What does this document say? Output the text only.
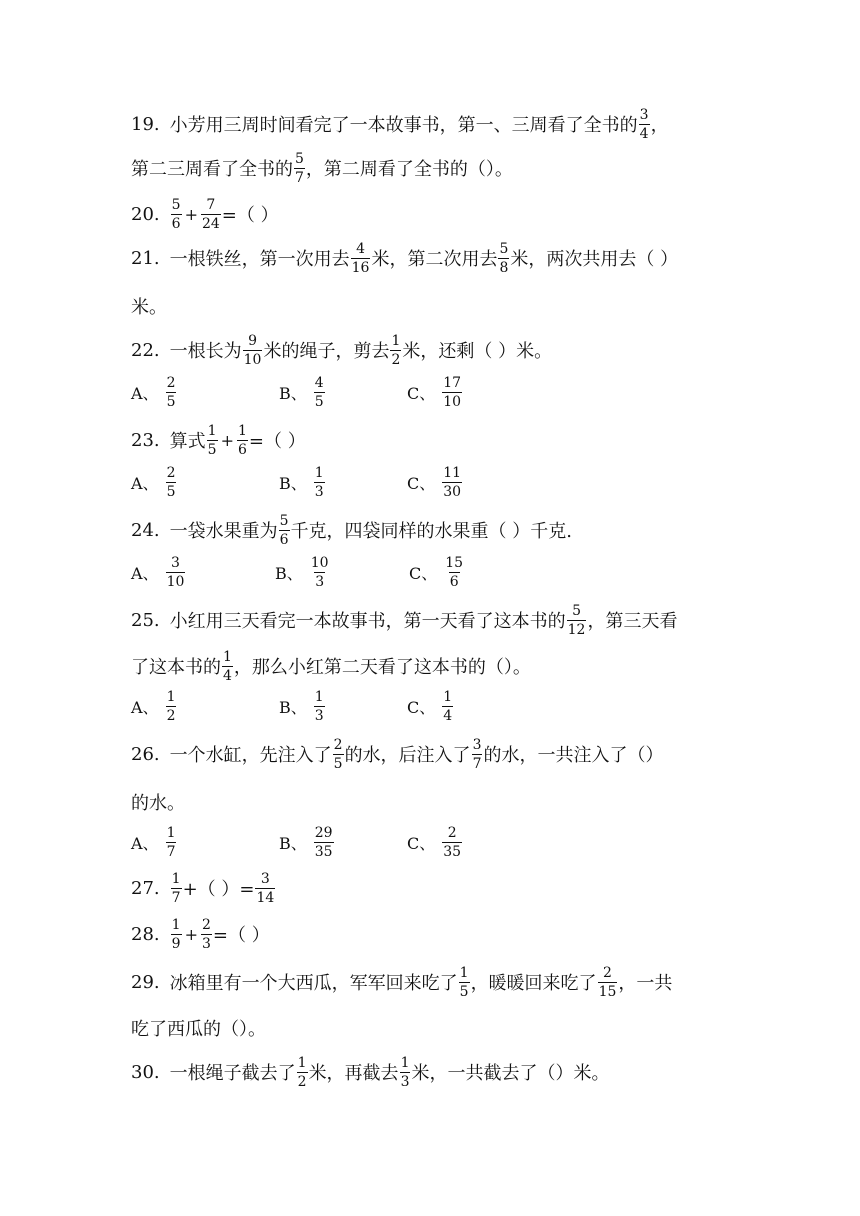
19. 小芳用三周时间看完了一本故事书，第一、三周看了全书的 $\frac{3}{4}$ ，
第二三周看了全书的 $\frac{5}{7}$ ，第二周看了全书的（）。
20. $\frac{5}{6} + \frac{7}{24}$ =（ ）
21. 一根铁丝，第一次用去 $\frac{4}{16}$ 米，第二次用去 $\frac{5}{8}$ 米，两次共用去（ ）
米。
22. 一根长为 $\frac{9}{10}$ 米的绳子，剪去 $\frac{1}{2}$ 米，还剩（ ）米。
A、 $\frac{2}{5}$	B、 $\frac{4}{5}$	C、 $\frac{17}{10}$
23. 算式 $\frac{1}{5} + \frac{1}{6}$ =（ ）
A、 $\frac{2}{5}$	B、 $\frac{1}{3}$	C、 $\frac{11}{30}$
24. 一袋水果重为 $\frac{5}{6}$ 千克，四袋同样的水果重（ ）千克.
A、 $\frac{3}{10}$	B、 $\frac{10}{3}$	C、 $\frac{15}{6}$
25. 小红用三天看完一本故事书，第一天看了这本书的 $\frac{5}{12}$ ，第三天看
了这本书的 $\frac{1}{4}$ ，那么小红第二天看了这本书的（）。
A、 $\frac{1}{2}$	B、 $\frac{1}{3}$	C、 $\frac{1}{4}$
26. 一个水缸，先注入了 $\frac{2}{5}$ 的水，后注入了 $\frac{3}{7}$ 的水，一共注入了（）
的水。
A、 $\frac{1}{7}$	B、 $\frac{29}{35}$	C、 $\frac{2}{35}$
27. $\frac{1}{7}$ +（ ）= $\frac{3}{14}$
28. $\frac{1}{9} + \frac{2}{3}$ =（ ）
29. 冰箱里有一个大西瓜，军军回来吃了 $\frac{1}{5}$ ，暖暖回来吃了 $\frac{2}{15}$ ，一共
吃了西瓜的（）。
30. 一根绳子截去了 $\frac{1}{2}$ 米，再截去 $\frac{1}{3}$ 米，一共截去了（）米。
